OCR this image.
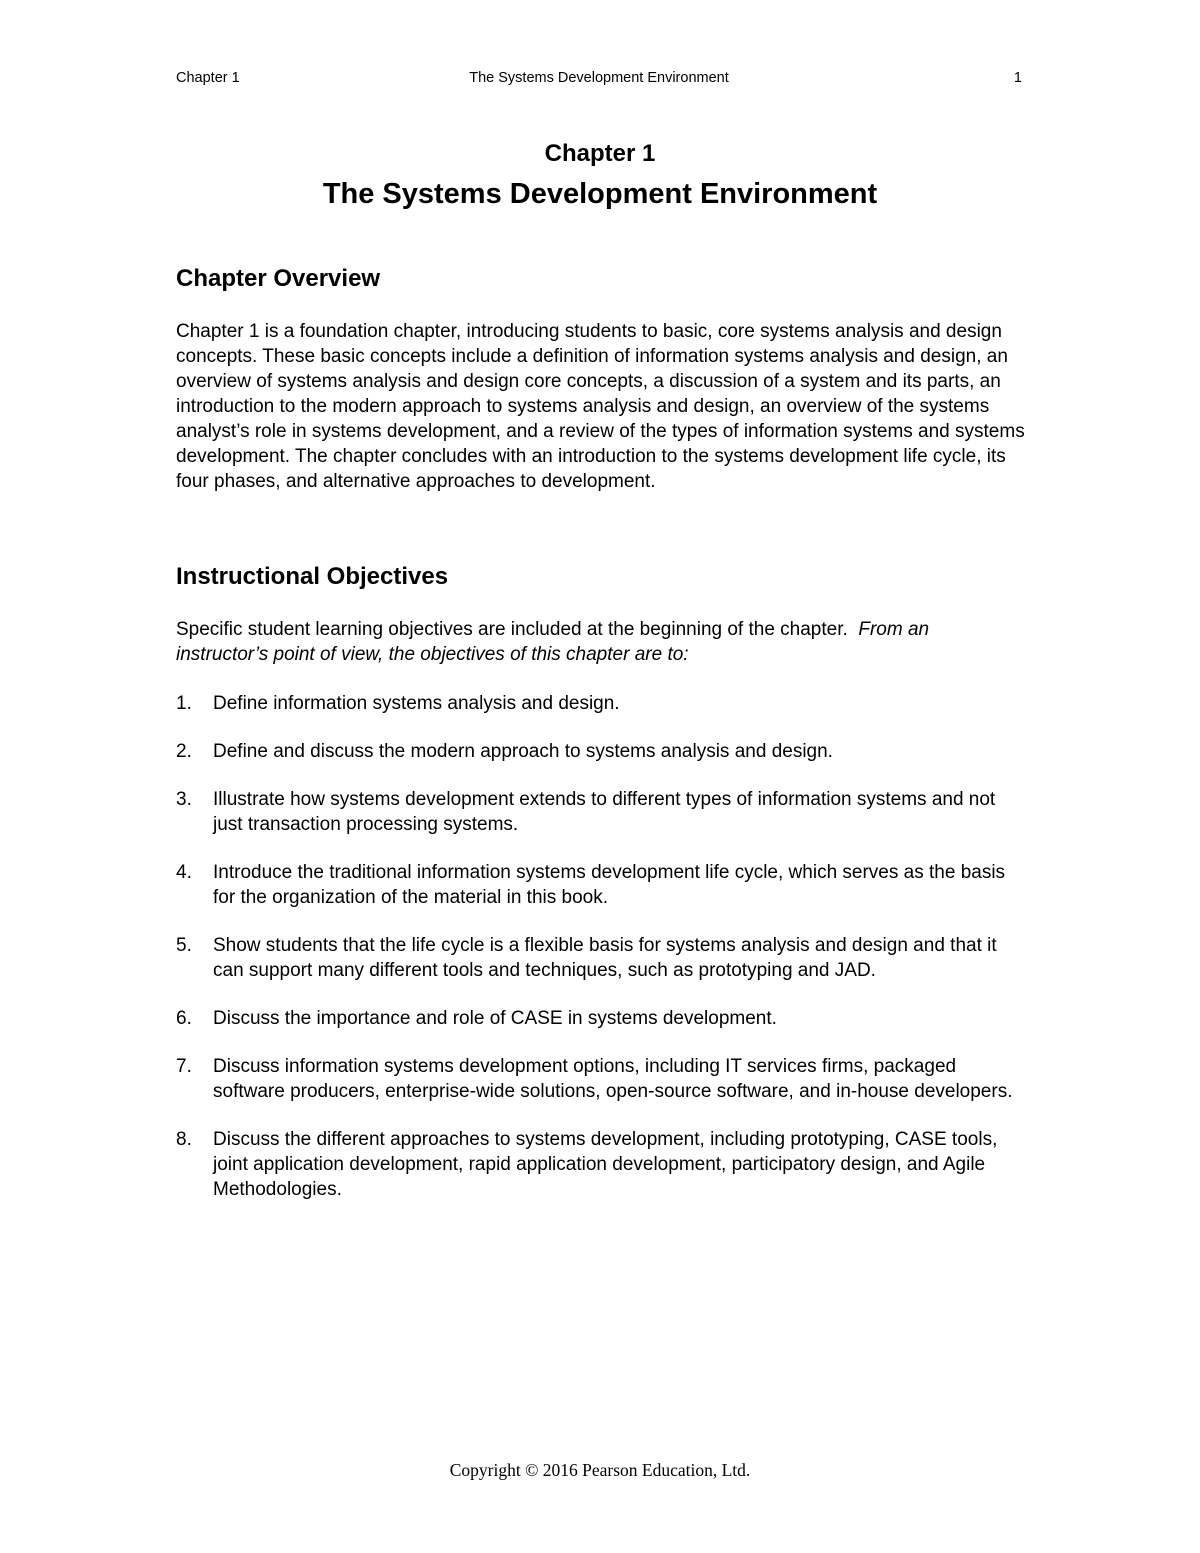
Chapter 1	The Systems Development Environment	1
Chapter 1
The Systems Development Environment
Chapter Overview

Chapter 1 is a foundation chapter, introducing students to basic, core systems analysis and design concepts. These basic concepts include a definition of information systems analysis and design, an overview of systems analysis and design core concepts, a discussion of a system and its parts, an introduction to the modern approach to systems analysis and design, an overview of the systems analyst’s role in systems development, and a review of the types of information systems and systems development. The chapter concludes with an introduction to the systems development life cycle, its four phases, and alternative approaches to development.

Instructional Objectives

Specific student learning objectives are included at the beginning of the chapter. From an instructor’s point of view, the objectives of this chapter are to:

1. Define information systems analysis and design.
2. Define and discuss the modern approach to systems analysis and design.
3. Illustrate how systems development extends to different types of information systems and not just transaction processing systems.
4. Introduce the traditional information systems development life cycle, which serves as the basis for the organization of the material in this book.
5. Show students that the life cycle is a flexible basis for systems analysis and design and that it can support many different tools and techniques, such as prototyping and JAD.
6. Discuss the importance and role of CASE in systems development.
7. Discuss information systems development options, including IT services firms, packaged software producers, enterprise-wide solutions, open-source software, and in-house developers.
8. Discuss the different approaches to systems development, including prototyping, CASE tools, joint application development, rapid application development, participatory design, and Agile Methodologies.
Copyright © 2016 Pearson Education, Ltd.
